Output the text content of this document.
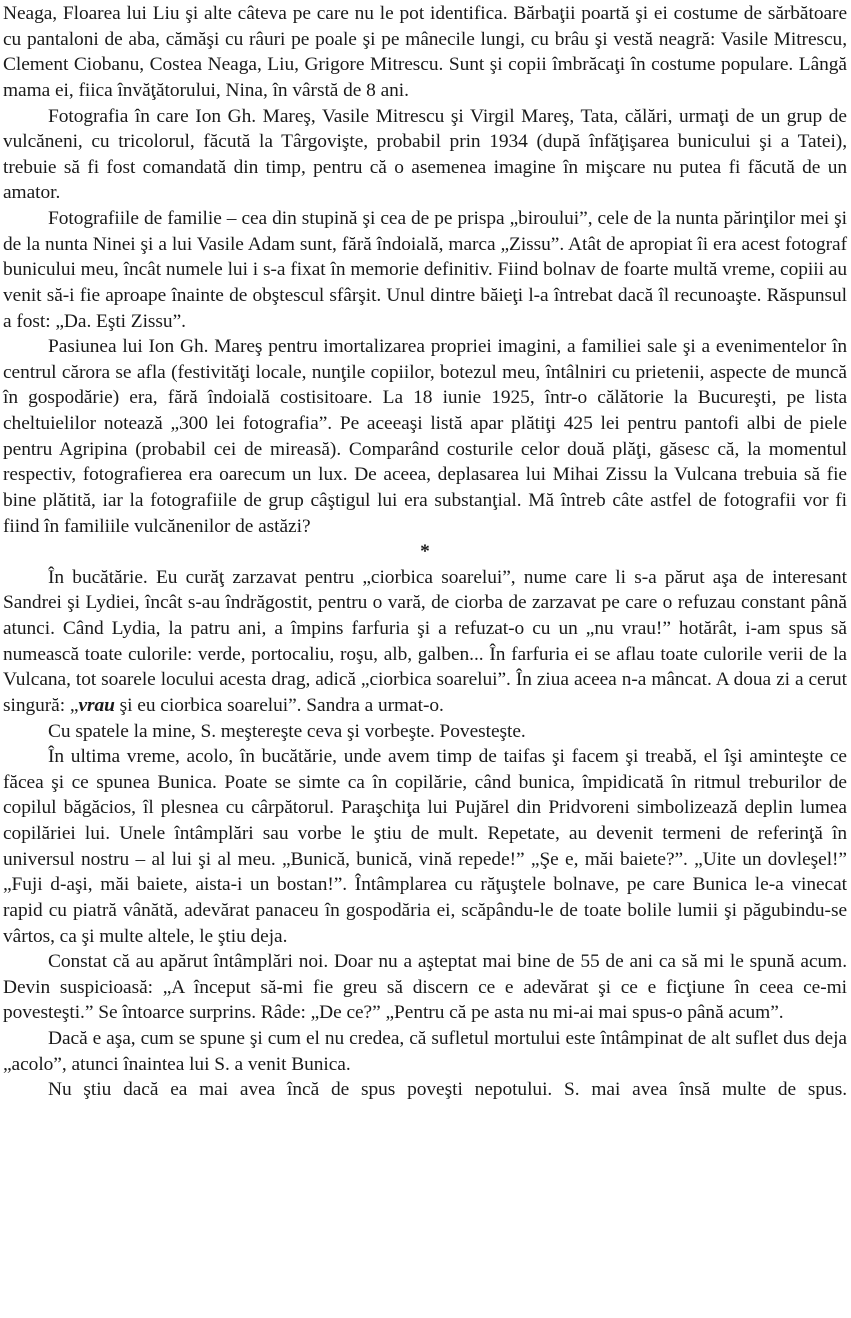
Neaga, Floarea lui Liu şi alte câteva pe care nu le pot identifica. Bărbaţii poartă şi ei costume de sărbătoare cu pantaloni de aba, cămăşi cu râuri pe poale şi pe mânecile lungi, cu brâu şi vestă neagră: Vasile Mitrescu, Clement Ciobanu, Costea Neaga, Liu, Grigore Mitrescu. Sunt şi copii îmbrăcaţi în costume populare. Lângă mama ei, fiica învăţătorului, Nina, în vârstă de 8 ani.

Fotografia în care Ion Gh. Mareş, Vasile Mitrescu şi Virgil Mareş, Tata, călări, urmaţi de un grup de vulcăneni, cu tricolorul, făcută la Târgovişte, probabil prin 1934 (după înfăţişarea bunicului şi a Tatei), trebuie să fi fost comandată din timp, pentru că o asemenea imagine în mişcare nu putea fi făcută de un amator.

Fotografiile de familie – cea din stupină şi cea de pe prispa „biroului”, cele de la nunta părinţilor mei şi de la nunta Ninei şi a lui Vasile Adam sunt, fără îndoială, marca „Zissu”. Atât de apropiat îi era acest fotograf bunicului meu, încât numele lui i s-a fixat în memorie definitiv. Fiind bolnav de foarte multă vreme, copiii au venit să-i fie aproape înainte de obştescul sfârşit. Unul dintre băieţi l-a întrebat dacă îl recunoaşte. Răspunsul a fost: „Da. Eşti Zissu”.

Pasiunea lui Ion Gh. Mareş pentru imortalizarea propriei imagini, a familiei sale şi a evenimentelor în centrul cărora se afla (festivităţi locale, nunţile copiilor, botezul meu, întâlniri cu prietenii, aspecte de muncă în gospodărie) era, fără îndoială costisitoare. La 18 iunie 1925, într-o călătorie la Bucureşti, pe lista cheltuielilor notează „300 lei fotografia”. Pe aceeaşi listă apar plătiţi 425 lei pentru pantofi albi de piele pentru Agripina (probabil cei de mireasă). Comparând costurile celor două plăţi, găsesc că, la momentul respectiv, fotografierea era oarecum un lux. De aceea, deplasarea lui Mihai Zissu la Vulcana trebuia să fie bine plătită, iar la fotografiile de grup câştigul lui era substanţial. Mă întreb câte astfel de fotografii vor fi fiind în familiile vulcănenilor de astăzi?

*

În bucătărie. Eu curăţ zarzavat pentru „ciorbica soarelui”, nume care li s-a părut aşa de interesant Sandrei şi Lydiei, încât s-au îndrăgostit, pentru o vară, de ciorba de zarzavat pe care o refuzau constant până atunci. Când Lydia, la patru ani, a împins farfuria şi a refuzat-o cu un „nu vrau!” hotărât, i-am spus să numească toate culorile: verde, portocaliu, roşu, alb, galben... În farfuria ei se aflau toate culorile verii de la Vulcana, tot soarele locului acesta drag, adică „ciorbica soarelui”. În ziua aceea n-a mâncat. A doua zi a cerut singură: „vrau şi eu ciorbica soarelui”. Sandra a urmat-o.

Cu spatele la mine, S. meştereşte ceva şi vorbeşte. Povesteşte.

În ultima vreme, acolo, în bucătărie, unde avem timp de taifas şi facem şi treabă, el îşi aminteşte ce făcea şi ce spunea Bunica. Poate se simte ca în copilărie, când bunica, împidicată în ritmul treburilor de copilul băgăcios, îl plesnea cu cârpătorul. Paraşchiţa lui Pujărel din Pridvoreni simbolizează deplin lumea copilăriei lui. Unele întâmplări sau vorbe le ştiu de mult. Repetate, au devenit termeni de referinţă în universul nostru – al lui şi al meu. „Bunică, bunică, vină repede!” „Şe e, măi baiete?”. „Uite un dovleşel!” „Fuji d-aşi, măi baiete, aista-i un bostan!”. Întâmplarea cu răţuştele bolnave, pe care Bunica le-a vinecat rapid cu piatră vânătă, adevărat panaceu în gospodăria ei, scăpându-le de toate bolile lumii şi păgubindu-se vârtos, ca şi multe altele, le ştiu deja.

Constat că au apărut întâmplări noi. Doar nu a aşteptat mai bine de 55 de ani ca să mi le spună acum. Devin suspicioasă: „A început să-mi fie greu să discern ce e adevărat şi ce e ficţiune în ceea ce-mi povesteşti.” Se întoarce surprins. Râde: „De ce?” „Pentru că pe asta nu mi-ai mai spus-o până acum”.

Dacă e aşa, cum se spune şi cum el nu credea, că sufletul mortului este întâmpinat de alt suflet dus deja „acolo”, atunci înaintea lui S. a venit Bunica.

Nu ştiu dacă ea mai avea încă de spus poveşti nepotului. S. mai avea însă multe de spus.
